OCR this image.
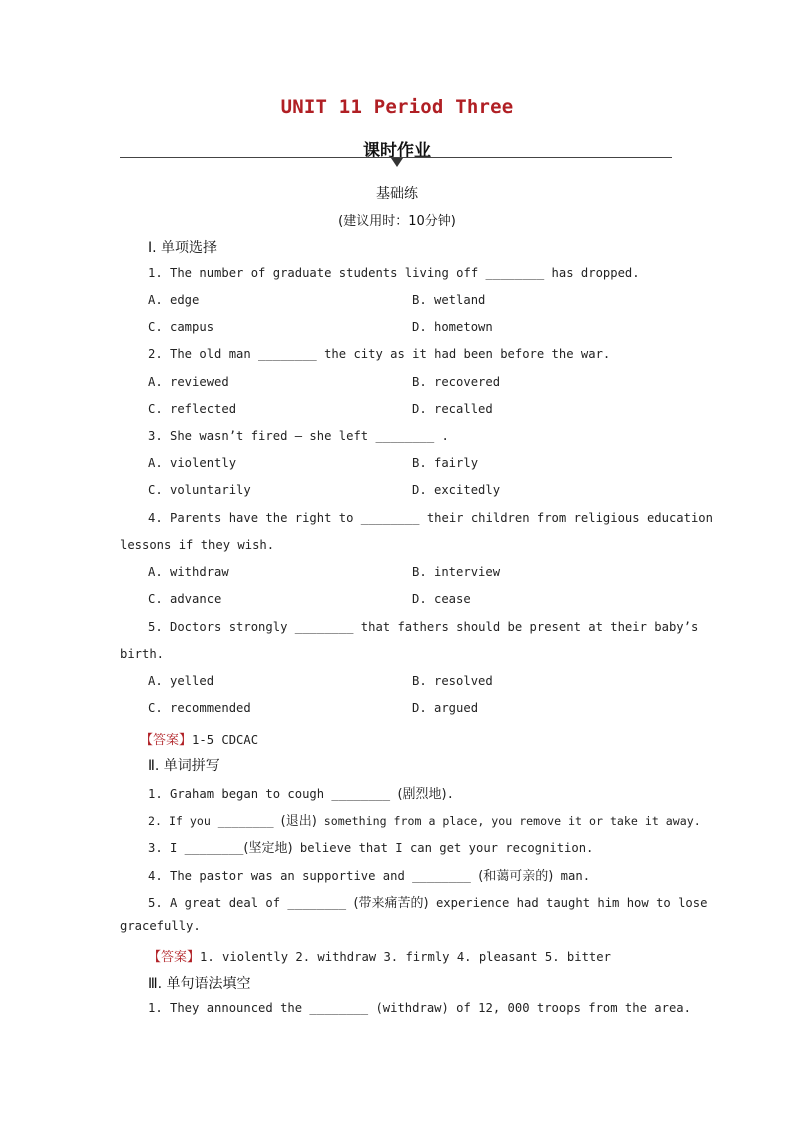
UNIT 11 Period Three
课时作业
基础练
(建议用时：10分钟)
Ⅰ. 单项选择
1. The number of graduate students living off ________ has dropped.
A. edge	B. wetland
C. campus	D. hometown
2. The old man ________ the city as it had been before the war.
A. reviewed	B. recovered
C. reflected	D. recalled
3. She wasn’t fired — she left ________ .
A. violently	B. fairly
C. voluntarily	D. excitedly
4. Parents have the right to ________ their children from religious education
lessons if they wish.
A. withdraw	B. interview
C. advance	D. cease
5. Doctors strongly ________ that fathers should be present at their baby’s
birth.
A. yelled	B. resolved
C. recommended	D. argued
【答案】1-5 CDCAC
Ⅱ. 单词拼写
1. Graham began to cough ________ (剧烈地).
2. If you ________ (退出) something from a place, you remove it or take it away.
3. I ________(坚定地) believe that I can get your recognition.
4. The pastor was an supportive and ________ (和蔼可亲的) man.
5. A great deal of ________ (带来痛苦的) experience had taught him how to lose
gracefully.
【答案】1. violently 2. withdraw 3. firmly 4. pleasant 5. bitter
Ⅲ. 单句语法填空
1. They announced the ________ (withdraw) of 12, 000 troops from the area.
